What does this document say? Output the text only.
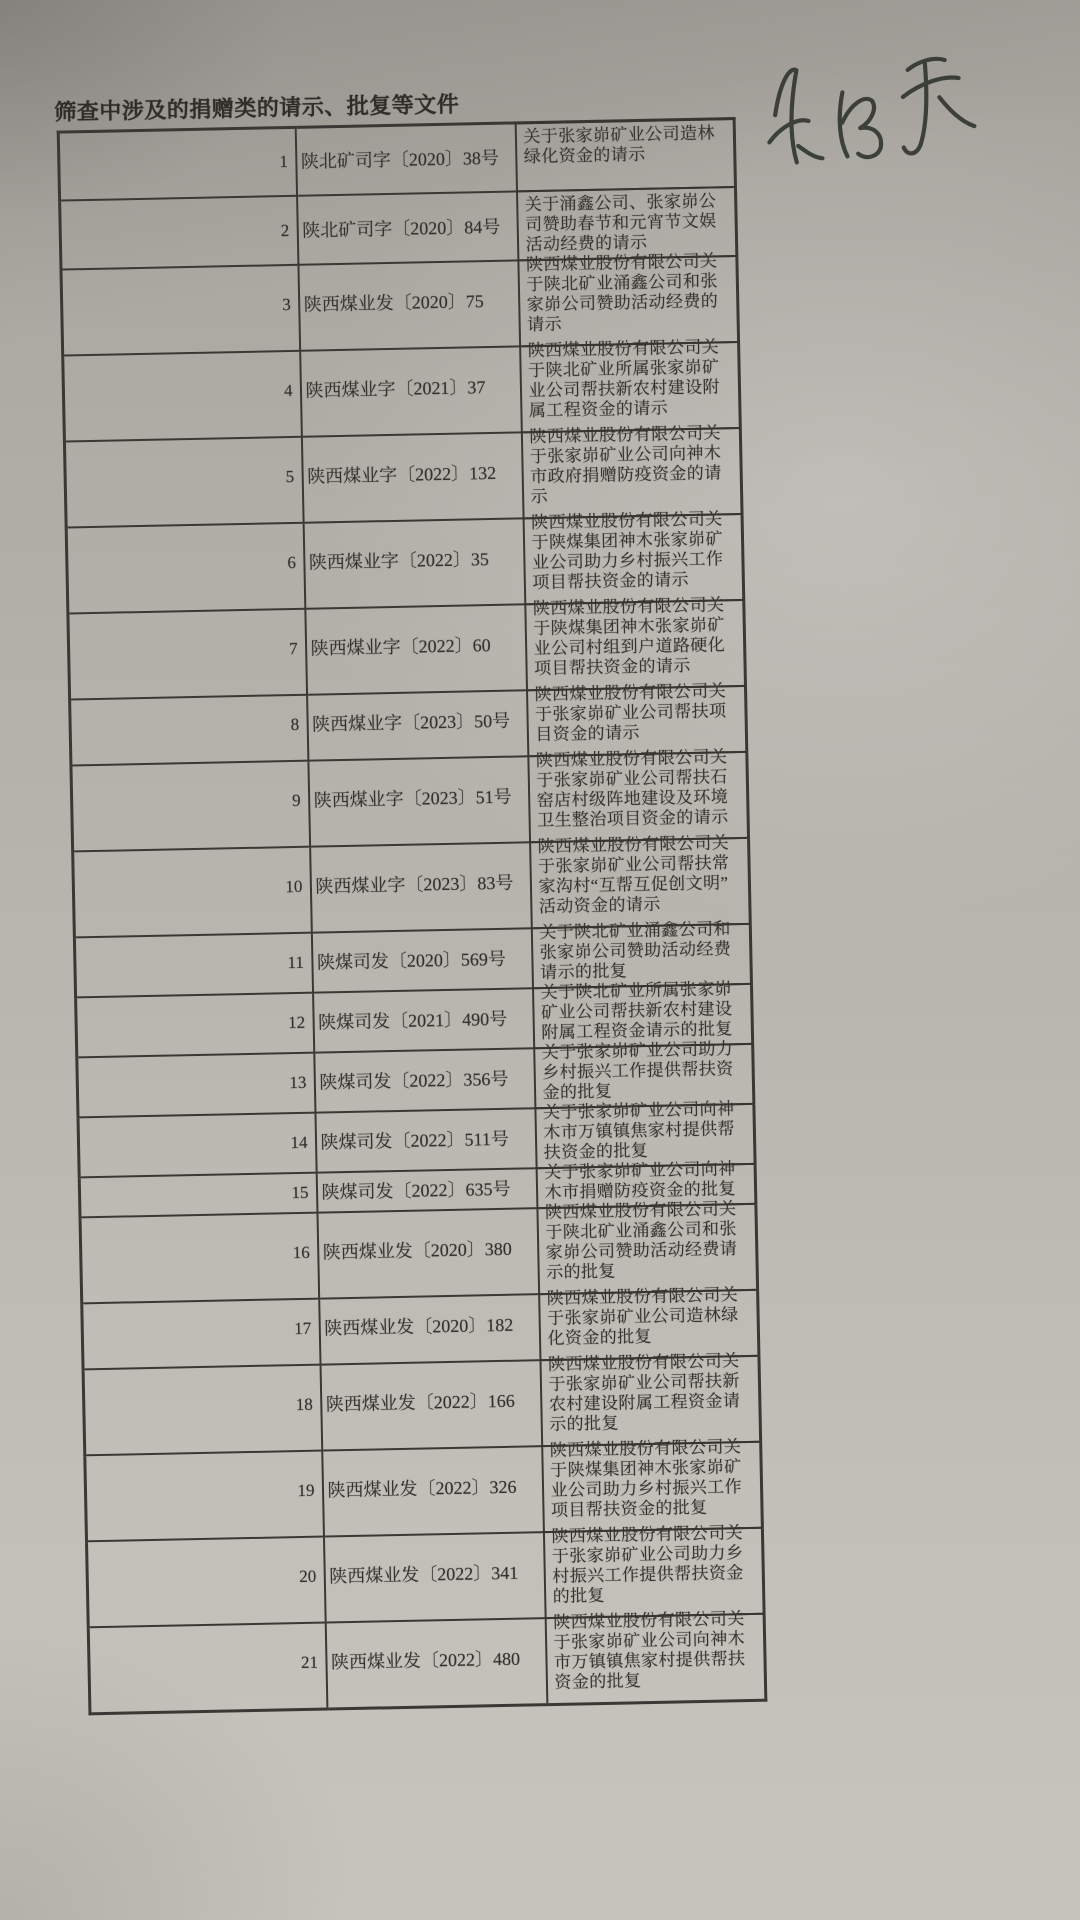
筛查中涉及的捐赠类的请示、批复等文件
1	陕北矿司字〔2020〕38号	关于张家峁矿业公司造林绿化资金的请示

2	陕北矿司字〔2020〕84号	关于涌鑫公司、张家峁公司赞助春节和元宵节文娱活动经费的请示

3	陕西煤业发〔2020〕75	陕西煤业股份有限公司关于陕北矿业涌鑫公司和张家峁公司赞助活动经费的请示

4	陕西煤业字〔2021〕37	陕西煤业股份有限公司关于陕北矿业所属张家峁矿业公司帮扶新农村建设附属工程资金的请示

5	陕西煤业字〔2022〕132	陕西煤业股份有限公司关于张家峁矿业公司向神木市政府捐赠防疫资金的请示

6	陕西煤业字〔2022〕35	陕西煤业股份有限公司关于陕煤集团神木张家峁矿业公司助力乡村振兴工作项目帮扶资金的请示

7	陕西煤业字〔2022〕60	陕西煤业股份有限公司关于陕煤集团神木张家峁矿业公司村组到户道路硬化项目帮扶资金的请示

8	陕西煤业字〔2023〕50号	陕西煤业股份有限公司关于张家峁矿业公司帮扶项目资金的请示

9	陕西煤业字〔2023〕51号	陕西煤业股份有限公司关于张家峁矿业公司帮扶石窑店村级阵地建设及环境卫生整治项目资金的请示

10	陕西煤业字〔2023〕83号	陕西煤业股份有限公司关于张家峁矿业公司帮扶常家沟村“互帮互促创文明”活动资金的请示

11	陕煤司发〔2020〕569号	关于陕北矿业涌鑫公司和张家峁公司赞助活动经费请示的批复

12	陕煤司发〔2021〕490号	关于陕北矿业所属张家峁矿业公司帮扶新农村建设附属工程资金请示的批复

13	陕煤司发〔2022〕356号	关于张家峁矿业公司助力乡村振兴工作提供帮扶资金的批复

14	陕煤司发〔2022〕511号	关于张家峁矿业公司向神木市万镇镇焦家村提供帮扶资金的批复

15	陕煤司发〔2022〕635号	关于张家峁矿业公司向神木市捐赠防疫资金的批复

16	陕西煤业发〔2020〕380	陕西煤业股份有限公司关于陕北矿业涌鑫公司和张家峁公司赞助活动经费请示的批复

17	陕西煤业发〔2020〕182	陕西煤业股份有限公司关于张家峁矿业公司造林绿化资金的批复

18	陕西煤业发〔2022〕166	陕西煤业股份有限公司关于张家峁矿业公司帮扶新农村建设附属工程资金请示的批复

19	陕西煤业发〔2022〕326	陕西煤业股份有限公司关于陕煤集团神木张家峁矿业公司助力乡村振兴工作项目帮扶资金的批复

20	陕西煤业发〔2022〕341	陕西煤业股份有限公司关于张家峁矿业公司助力乡村振兴工作提供帮扶资金的批复

21	陕西煤业发〔2022〕480	陕西煤业股份有限公司关于张家峁矿业公司向神木市万镇镇焦家村提供帮扶资金的批复
